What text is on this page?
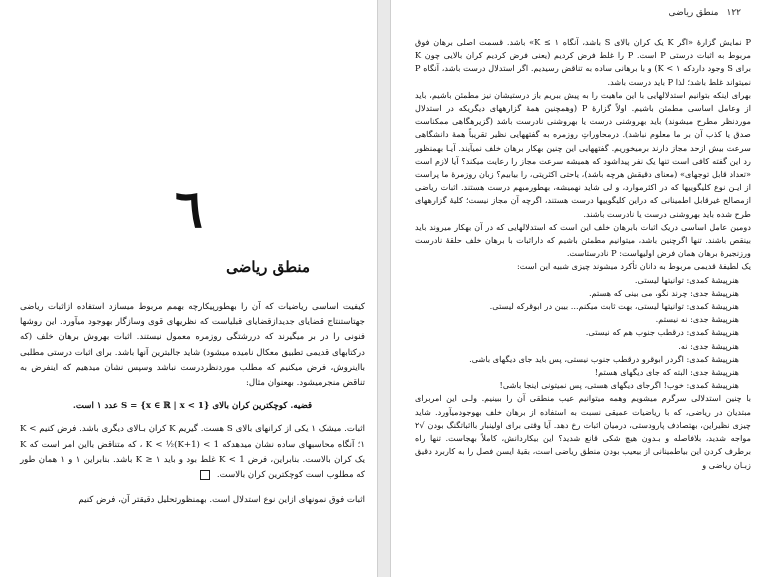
٦
منطق ریاضی

کیفیت اساسی ریاضیات که آن را بهطورپیکارچه بهمم مربوط میسازد استفاده ازاثبات ریاضی جهتاستنتاج قضایای جدیدازقضایای قبلیاست که نظریهای قوی وسازگار بهوجود میآورد. این روشها فنونی را در بر میگیرند که دررشتگی روزمره معمول نیستند. اثبات بهروش برهان خلف (که درکتابهای قدیمی تطبیق معکال نامیده میشود) شاید جالبترین آنها باشد. برای اثبات درستی مطلبی بااینروش، فرض میکنیم که مطلب موردنظردرست نباشد وسپس نشان میدهیم که اینفرض به تناقض منجرمیشود. بهعنوان مثال:

قضیه. کوچکترین کران بالای S = {x ∈ ℝ | x < 1} عدد ۱ است.

اثبات. میشک ۱ یکی از کرانهای بالای S هست. گیریم K کران بـالای دیگری باشد. فرض کنیم K < ۱؛ آنگاه محاسبهای ساده نشان میدهدکه K < ½(K+1) < 1 ، که متناقض بااین امر است که K یک کران بالاست. بنابراین، فرض K < 1 غلط بود و باید ۱ ≤ K باشد. بنابراین ۱ و ۱ همان طور که مطلوب است کوچکترین کران بالاست.

اثبات فوق نمونهای ازاین نوع استدلال است. بهمنظورتحلیل دقیقتر آن، فرض کنیم

۱۲۲
منطق ریاضی

P نمایش گزارۀ «اگر K یک کران بالای S باشد، آنگاه ۱ ≥ K» باشد. قسمت اصلی برهان فوق مربوط به اثبات درستی P است. P را غلط فرض کردیم (یعنی فرض کردیم کران بالایی چون K برای S وجود داردکه K < ۱) و با برهانی ساده به تناقض رسیدیم. اگر استدلال درست باشد، آنگاه P نمیتواند غلط باشد؛ لذا P باید درست باشد.

بهرای اینکه بتوانیم استدلالهایی با این ماهیت را به پیش ببریم باز درستیشان نیز مطمئن باشیم، باید از وعامل اساسی مطمئن باشیم. اولاً گزارۀ P (وهمچنین همۀ گزارههای دیگریکه در استدلال موردنظر مطرح میشوند) باید بهروشنی درست یا بهروشنی نادرست باشد (گزیرهگاهی ممکناست صدق یا کذب آن بر ما معلوم نباشد). درمحاوراتِ روزمره به گفتههایی نظیر تقریباً همهٔ دانشگاهی سرعت بیش ازحد مجاز دارند برمیخوریم. گفتههایی این چنین بهکار برهان خلف نمیآیند. آیـا بهمنظور رد این گفته کافی است تنها یک نفر پیداشود که همیشه سرعت مجاز را رعایت میکند؟ آیا لازم است «تعداد قابل توجهای» (معنای دقیقش هرچه باشد)، یاحتی اکثریتی، را بیابیم؟ زبان روزمرۀ ما پراست از ایـن نوع کلیگوییها که در اکثرموارد، و لی شاید نهمیشه، بهطورمبهم درست هستند. اثبات ریاضی ازمصالح غیرقابل اطمینانی که دراین کلیگوییها درست هستند، اگرچه آن مجاز نیست؛ کلیهٔ گزارههای طرح شده باید بهروشنی درست یا نادرست باشند.

دومین عامل اساسی دریک اثبات بابرهان خلف این است که استدلالهایی که در آن بهکار میروند باید بینقص باشند. تنها اگرچنین باشد، میتوانیم مطمئن باشیم که داراثبات با برهان خلف حلقهٔ نادرست ورزنجیرۀ برهان همان فرض اولیهاست: P نادرستاست.

یک لطیفهٔ قدیمی مربوط به دانان تأکرد میشوند چیزی شبیه این است:

هنرپیشهٔ کمدی: توانیتها لیستی.

هنرپیشهٔ جدی: چرند نگو، می بینی که هستم.

هنرپیشهٔ کمدی: توانیتها لیستی، بهت ثابت میکنم... بیبن در ابوقرکه لیستی.

هنرپیشهٔ جدی: نه نیستم.

هنرپیشهٔ کمدی: درقطب جنوب هم که نیستی.

هنرپیشهٔ جدی: نه.

هنرپیشهٔ کمدی: اگردر ابوقرو درقطب جنوب نیستی، پس باید جای دیگهای باشی.

هنرپیشهٔ جدی: البته که جای دیگهای هستم!

هنرپیشهٔ کمدی: خوب! اگرجای دیگهای هستی، پس نمیتونی اینجا باشی!

با چنین استدلالی سرگرم میشویم وهمه میتوانیم عیب منطقی آن را ببینیم. ولـی این امربرای مبتدیان در ریاضی، که با ریاضیات عمیقی نسبت به استفاده از برهان خلف بهوجودمیآورد. شاید چیزی نظیراین، بهتصادف پارودستی، درمیان اثبات رخ دهد. آیا وقتی برای اولینبار بااثباتگنگ بودن √۲ مواجه شدید، بلافاصله و بـدون هیچ شکی قانع شدید؟ این بیکاردانش، کاملاً بهجاست. تنها راه برطرف کردن این بیاطمینانی از بیعیب بودن منطق ریاضی است، بقیهٔ ایسن فصل را به کاربرد دقیق زبـان ریاضی و
